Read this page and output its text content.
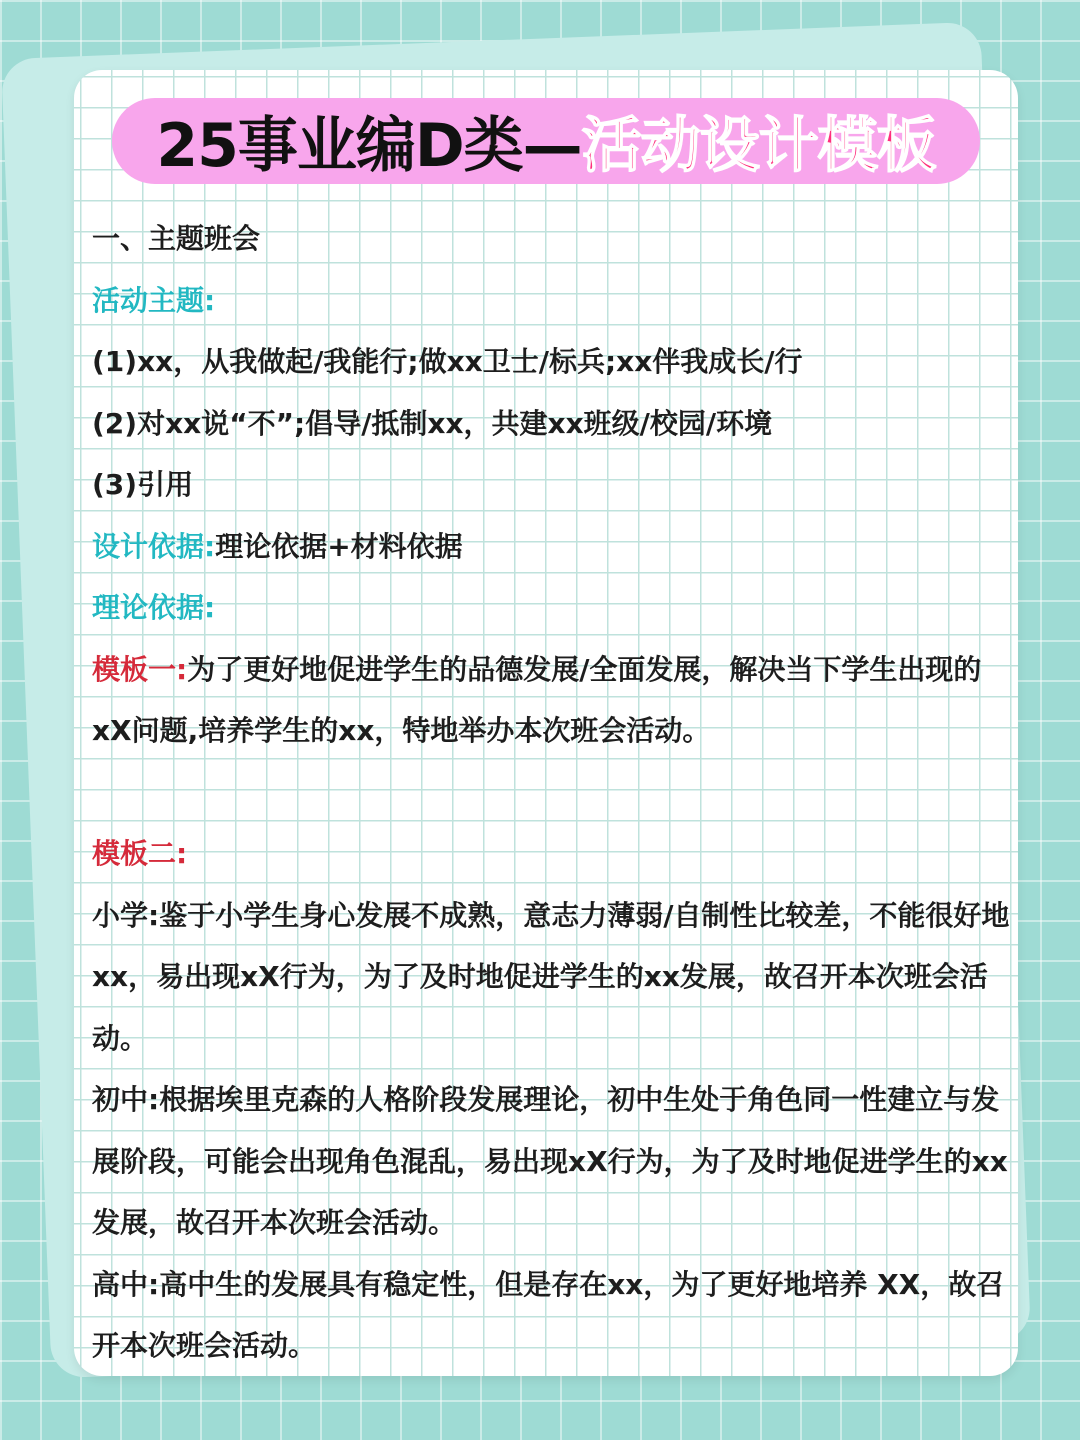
25事业编D类— 活动设计模板
一、主题班会
活动主题:
(1)xx，从我做起/我能行;做xx卫士/标兵;xx伴我成长/行
(2)对xx说“不”;倡导/抵制xx，共建xx班级/校园/环境
(3)引用
设计依据:理论依据+材料依据
理论依据:
模板一:为了更好地促进学生的品德发展/全面发展，解决当下学生出现的xX问题,培养学生的xx，特地举办本次班会活动。
模板二:
小学:鉴于小学生身心发展不成熟，意志力薄弱/自制性比较差，不能很好地xx，易出现xX行为，为了及时地促进学生的xx发展，故召开本次班会活动。
初中:根据埃里克森的人格阶段发展理论，初中生处于角色同一性建立与发展阶段，可能会出现角色混乱，易出现xX行为，为了及时地促进学生的xx发展，故召开本次班会活动。
高中:高中生的发展具有稳定性，但是存在xx，为了更好地培养 XX，故召开本次班会活动。
